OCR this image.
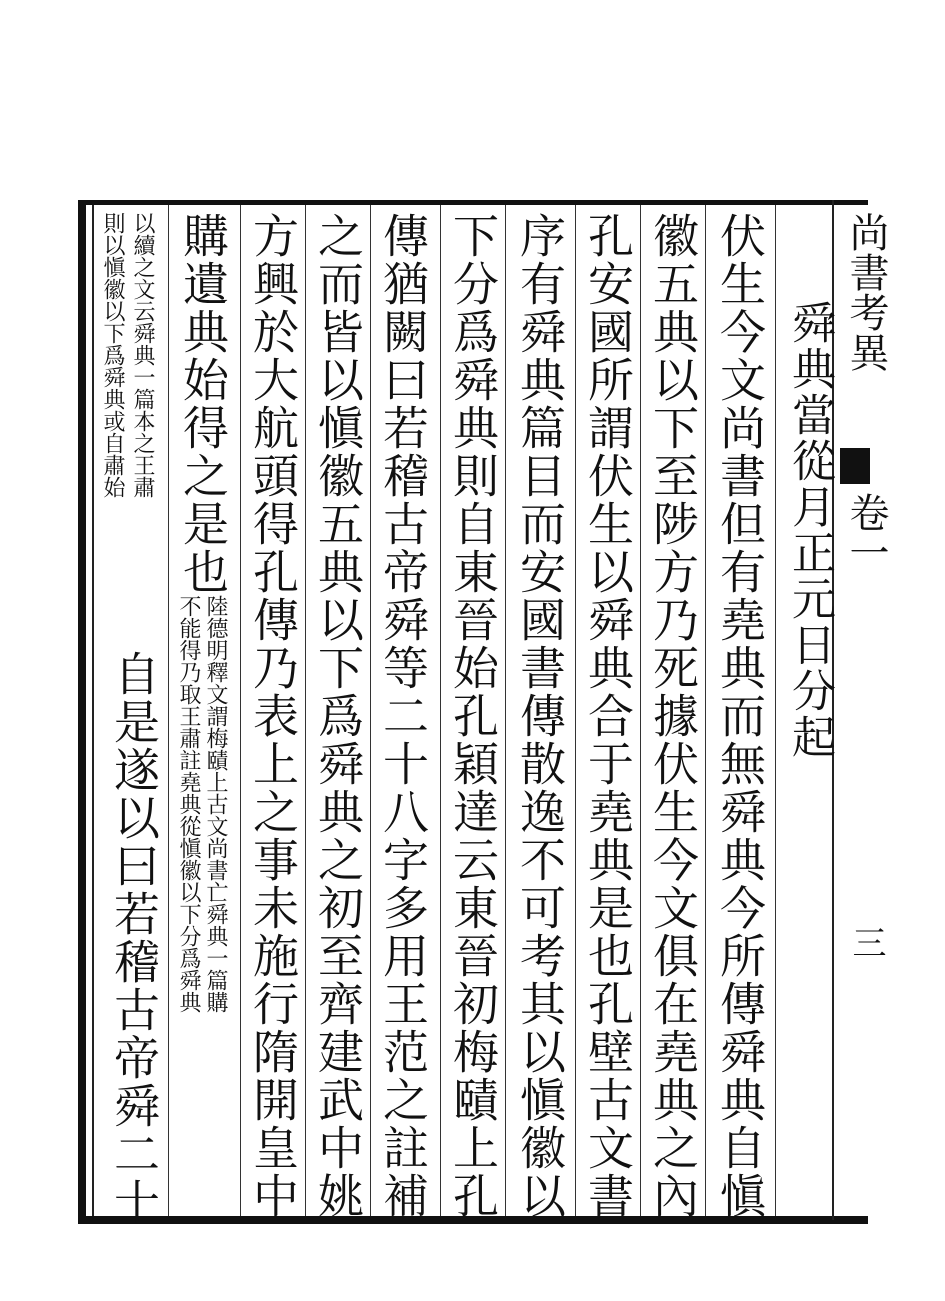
尚書考異
卷一
三
舜典當從月正元日分起
伏生今文尚書但有堯典而無舜典今所傳舜典自愼
徽五典以下至陟方乃死據伏生今文俱在堯典之內
孔安國所謂伏生以舜典合于堯典是也孔壁古文書
序有舜典篇目而安國書傳散逸不可考其以愼徽以
下分爲舜典則自東晉始孔穎達云東晉初梅賾上孔
傳猶闕曰若稽古帝舜等二十八字多用王范之註補
之而皆以愼徽五典以下爲舜典之初至齊建武中姚
方興於大航頭得孔傳乃表上之事未施行隋開皇中
購遺典始得之是也
陸德明釋文謂梅賾上古文尚書亡舜典一篇購
不能得乃取王肅註堯典從愼徽以下分爲舜典
以續之文云舜典一篇本之王肅
則以愼徽以下爲舜典或自肅始
自是遂以曰若稽古帝舜二十
